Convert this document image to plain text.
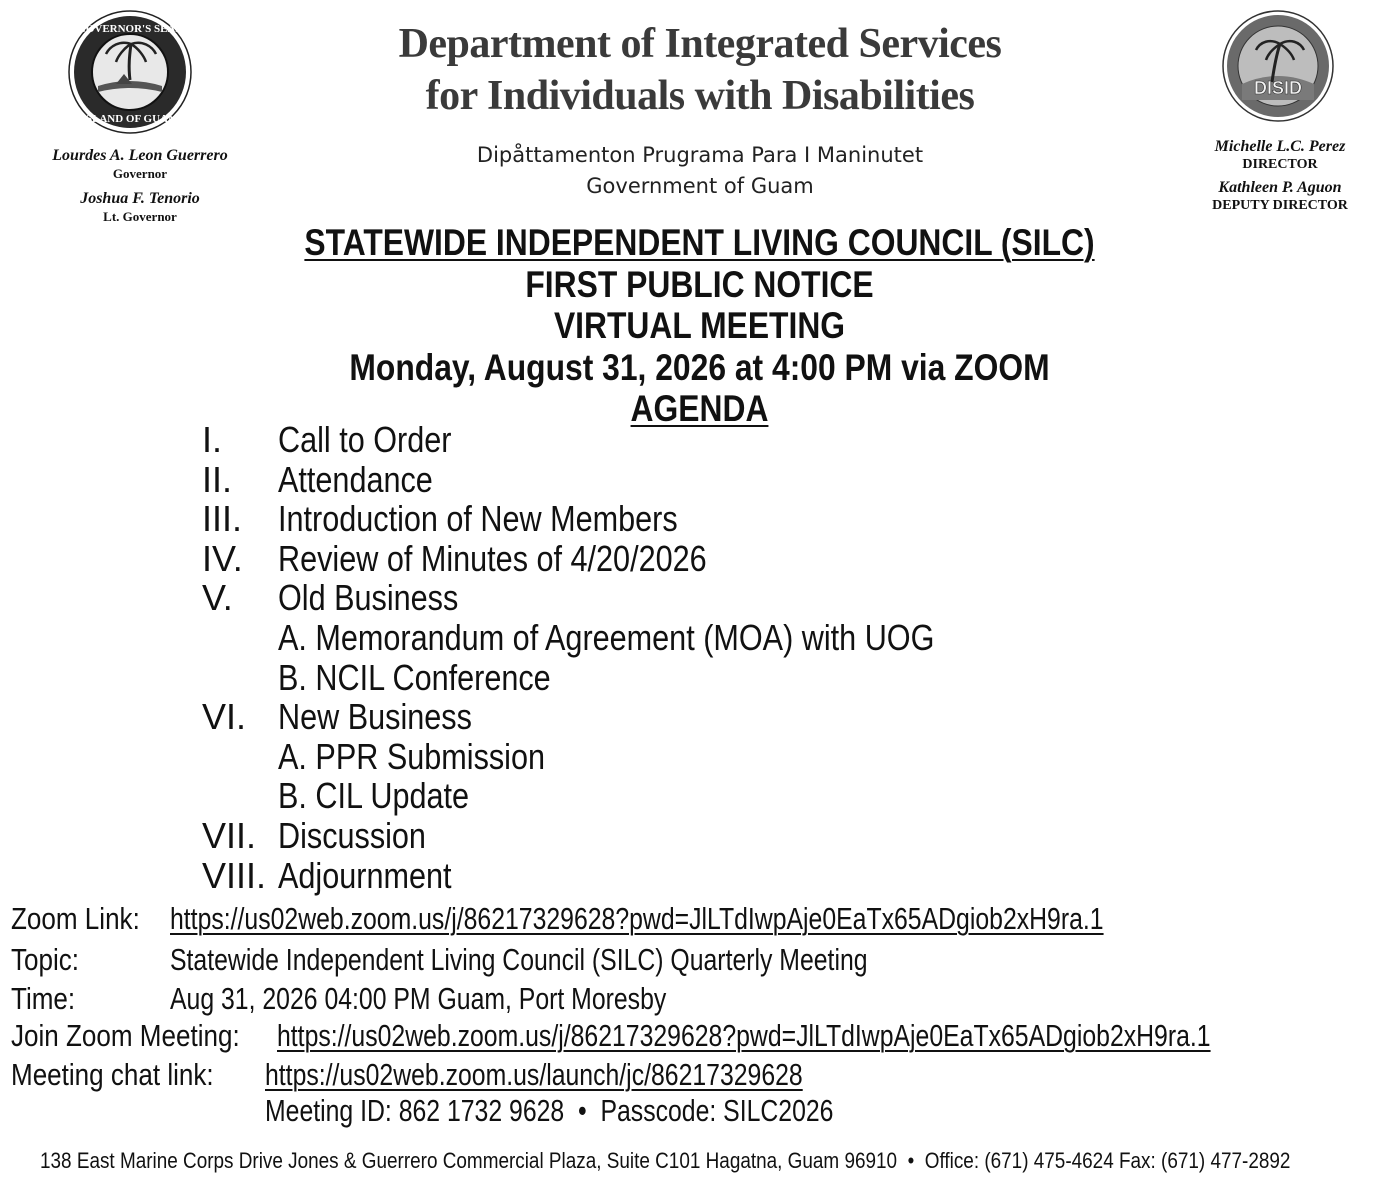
GOVERNOR'S SEAL
ISLAND OF GUAM
Lourdes A. Leon Guerrero
Governor
Joshua F. Tenorio
Lt. Governor
Department of Integrated Services
for Individuals with Disabilities
Dipåttamenton Prugrama Para I Maninutet
Government of Guam
DISID
Michelle L.C. Perez
DIRECTOR
Kathleen P. Aguon
DEPUTY DIRECTOR
STATEWIDE INDEPENDENT LIVING COUNCIL (SILC)
FIRST PUBLIC NOTICE
VIRTUAL MEETING
Monday, August 31, 2026 at 4:00 PM via ZOOM
AGENDA
I. Call to Order
II. Attendance
III. Introduction of New Members
IV. Review of Minutes of 4/20/2026
V. Old Business
A. Memorandum of Agreement (MOA) with UOG
B. NCIL Conference
VI. New Business
A. PPR Submission
B. CIL Update
VII. Discussion
VIII. Adjournment
Zoom Link: https://us02web.zoom.us/j/86217329628?pwd=JlLTdIwpAje0EaTx65ADgiob2xH9ra.1
Topic:	Statewide Independent Living Council (SILC) Quarterly Meeting
Time:	Aug 31, 2026 04:00 PM Guam, Port Moresby
Join Zoom Meeting: https://us02web.zoom.us/j/86217329628?pwd=JlLTdIwpAje0EaTx65ADgiob2xH9ra.1
Meeting chat link: https://us02web.zoom.us/launch/jc/86217329628
Meeting ID: 862 1732 9628  •  Passcode: SILC2026
138 East Marine Corps Drive Jones & Guerrero Commercial Plaza, Suite C101 Hagatna, Guam 96910  •  Office: (671) 475-4624 Fax: (671) 477-2892
